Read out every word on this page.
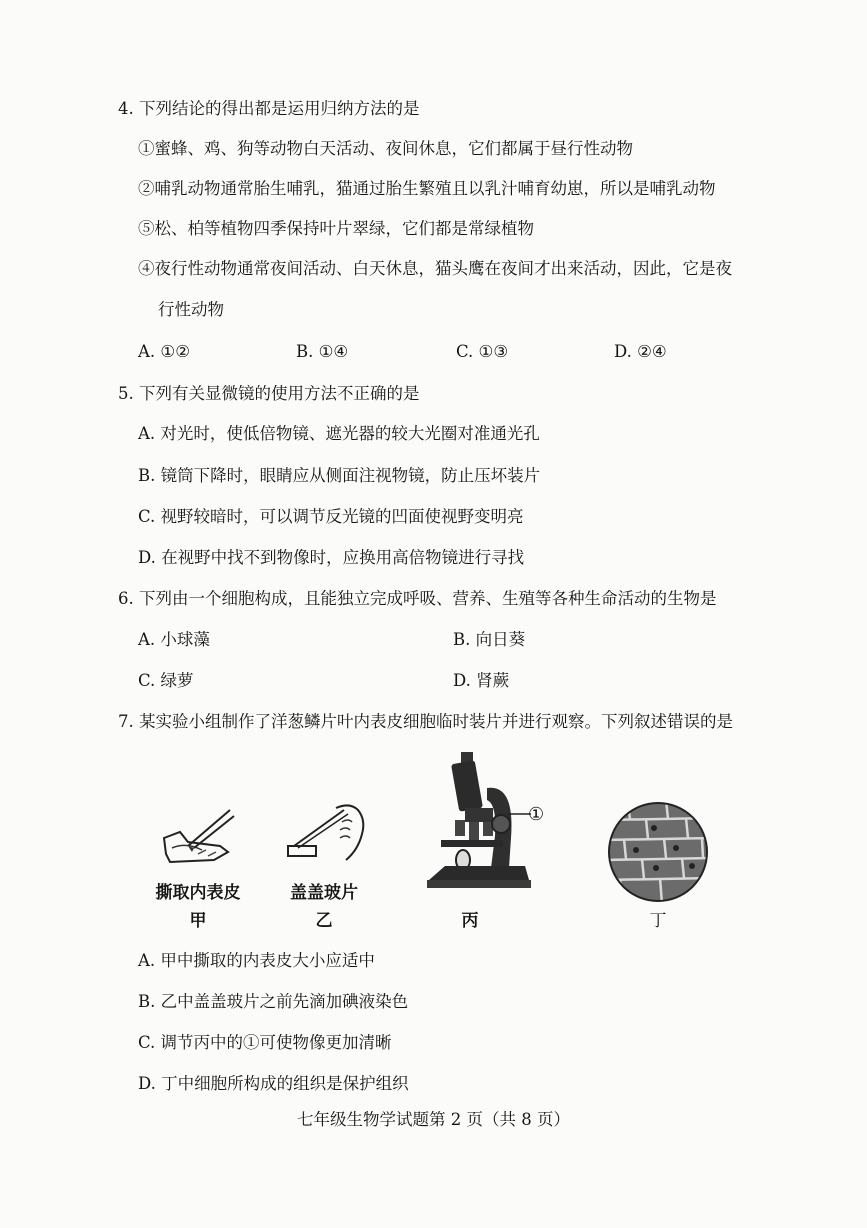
4. 下列结论的得出都是运用归纳方法的是
①蜜蜂、鸡、狗等动物白天活动、夜间休息，它们都属于昼行性动物
②哺乳动物通常胎生哺乳，猫通过胎生繁殖且以乳汁哺育幼崽，所以是哺乳动物
⑤松、柏等植物四季保持叶片翠绿，它们都是常绿植物
④夜行性动物通常夜间活动、白天休息，猫头鹰在夜间才出来活动，因此，它是夜
行性动物
A. ①②	B. ①④	C. ①③	D. ②④
5. 下列有关显微镜的使用方法不正确的是
A. 对光时，使低倍物镜、遮光器的较大光圈对准通光孔
B. 镜筒下降时，眼睛应从侧面注视物镜，防止压坏装片
C. 视野较暗时，可以调节反光镜的凹面使视野变明亮
D. 在视野中找不到物像时，应换用高倍物镜进行寻找
6. 下列由一个细胞构成，且能独立完成呼吸、营养、生殖等各种生命活动的生物是
A. 小球藻	B. 向日葵
C. 绿萝	D. 肾蕨
7. 某实验小组制作了洋葱鳞片叶内表皮细胞临时装片并进行观察。下列叙述错误的是
撕取内表皮
甲
盖盖玻片
乙
①
丙	丁
A. 甲中撕取的内表皮大小应适中
B. 乙中盖盖玻片之前先滴加碘液染色
C. 调节丙中的①可使物像更加清晰
D. 丁中细胞所构成的组织是保护组织
七年级生物学试题第 2 页（共 8 页）
